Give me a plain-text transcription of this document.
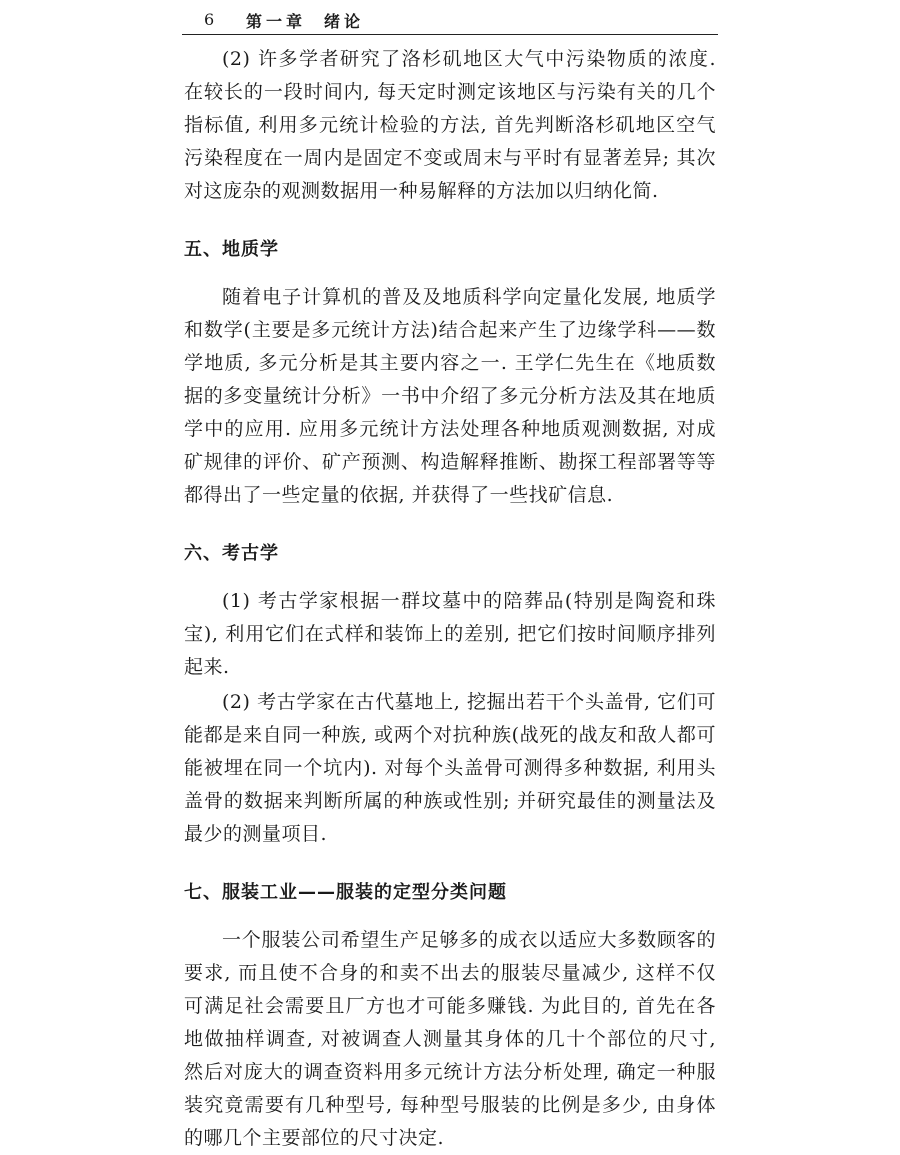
6 第一章 绪论

(2) 许多学者研究了洛杉矶地区大气中污染物质的浓度. 在较长的一段时间内, 每天定时测定该地区与污染有关的几个指标值, 利用多元统计检验的方法, 首先判断洛杉矶地区空气污染程度在一周内是固定不变或周末与平时有显著差异; 其次对这庞杂的观测数据用一种易解释的方法加以归纳化简.

五、地质学

随着电子计算机的普及及地质科学向定量化发展, 地质学和数学(主要是多元统计方法)结合起来产生了边缘学科——数学地质, 多元分析是其主要内容之一. 王学仁先生在《地质数据的多变量统计分析》一书中介绍了多元分析方法及其在地质学中的应用. 应用多元统计方法处理各种地质观测数据, 对成矿规律的评价、矿产预测、构造解释推断、勘探工程部署等等都得出了一些定量的依据, 并获得了一些找矿信息.

六、考古学

(1) 考古学家根据一群坟墓中的陪葬品(特别是陶瓷和珠宝), 利用它们在式样和装饰上的差别, 把它们按时间顺序排列起来.

(2) 考古学家在古代墓地上, 挖掘出若干个头盖骨, 它们可能都是来自同一种族, 或两个对抗种族(战死的战友和敌人都可能被埋在同一个坑内). 对每个头盖骨可测得多种数据, 利用头盖骨的数据来判断所属的种族或性别; 并研究最佳的测量法及最少的测量项目.

七、服装工业——服装的定型分类问题

一个服装公司希望生产足够多的成衣以适应大多数顾客的要求, 而且使不合身的和卖不出去的服装尽量减少, 这样不仅可满足社会需要且厂方也才可能多赚钱. 为此目的, 首先在各地做抽样调查, 对被调查人测量其身体的几十个部位的尺寸, 然后对庞大的调查资料用多元统计方法分析处理, 确定一种服装究竟需要有几种型号, 每种型号服装的比例是多少, 由身体的哪几个主要部位的尺寸决定.
